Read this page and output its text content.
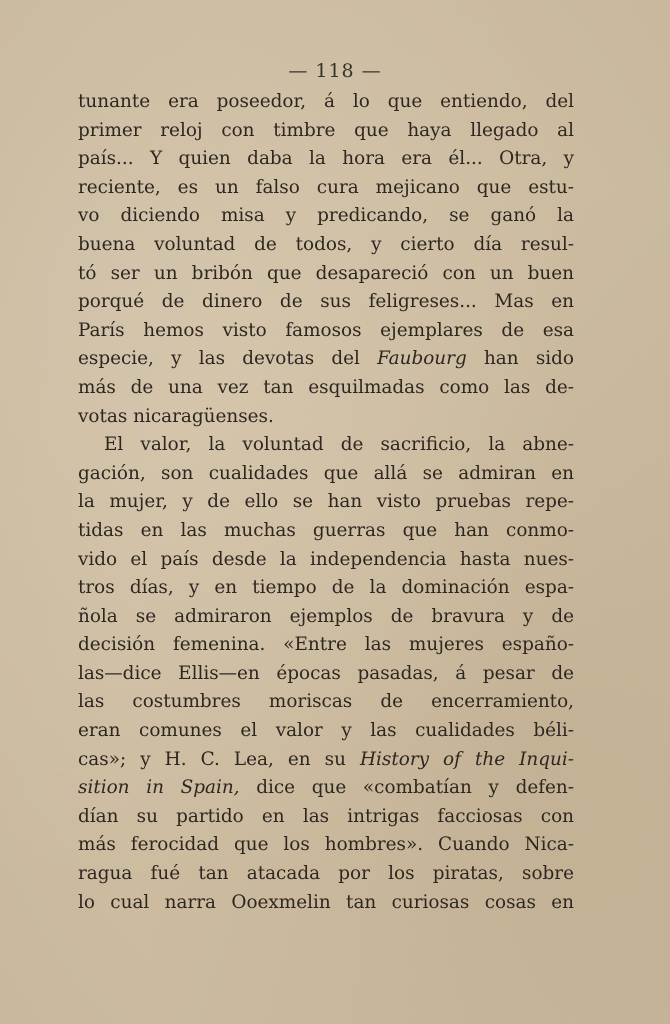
— 118 —
tunante era poseedor, á lo que entiendo, del
primer reloj con timbre que haya llegado al
país... Y quien daba la hora era él... Otra, y
reciente, es un falso cura mejicano que estu-
vo diciendo misa y predicando, se ganó la
buena voluntad de todos, y cierto día resul-
tó ser un bribón que desapareció con un buen
porqué de dinero de sus feligreses... Mas en
París hemos visto famosos ejemplares de esa
especie, y las devotas del Faubourg han sido
más de una vez tan esquilmadas como las de-
votas nicaragüenses.
El valor, la voluntad de sacrificio, la abne-
gación, son cualidades que allá se admiran en
la mujer, y de ello se han visto pruebas repe-
tidas en las muchas guerras que han conmo-
vido el país desde la independencia hasta nues-
tros días, y en tiempo de la dominación espa-
ñola se admiraron ejemplos de bravura y de
decisión femenina. «Entre las mujeres españo-
las—dice Ellis—en épocas pasadas, á pesar de
las costumbres moriscas de encerramiento,
eran comunes el valor y las cualidades béli-
cas»; y H. C. Lea, en su History of the Inqui-
sition in Spain, dice que «combatían y defen-
dían su partido en las intrigas facciosas con
más ferocidad que los hombres». Cuando Nica-
ragua fué tan atacada por los piratas, sobre
lo cual narra Ooexmelin tan curiosas cosas en
